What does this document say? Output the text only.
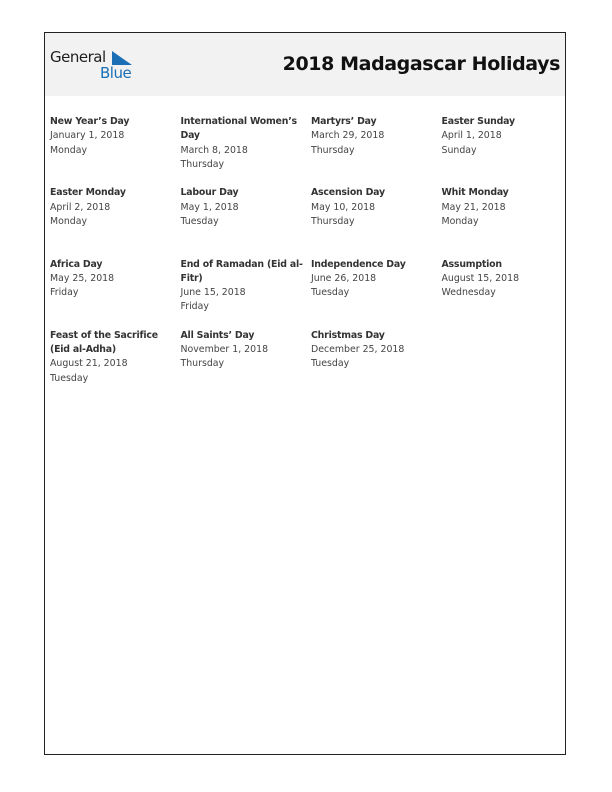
General
Blue	2018 Madagascar Holidays
New Year’s Day
January 1, 2018
Monday
International Women’s Day
March 8, 2018
Thursday
Martyrs’ Day
March 29, 2018
Thursday
Easter Sunday
April 1, 2018
Sunday
Easter Monday
April 2, 2018
Monday
Labour Day
May 1, 2018
Tuesday
Ascension Day
May 10, 2018
Thursday
Whit Monday
May 21, 2018
Monday
Africa Day
May 25, 2018
Friday
End of Ramadan (Eid al-Fitr)
June 15, 2018
Friday
Independence Day
June 26, 2018
Tuesday
Assumption
August 15, 2018
Wednesday
Feast of the Sacrifice (Eid al-Adha)
August 21, 2018
Tuesday
All Saints’ Day
November 1, 2018
Thursday
Christmas Day
December 25, 2018
Tuesday
